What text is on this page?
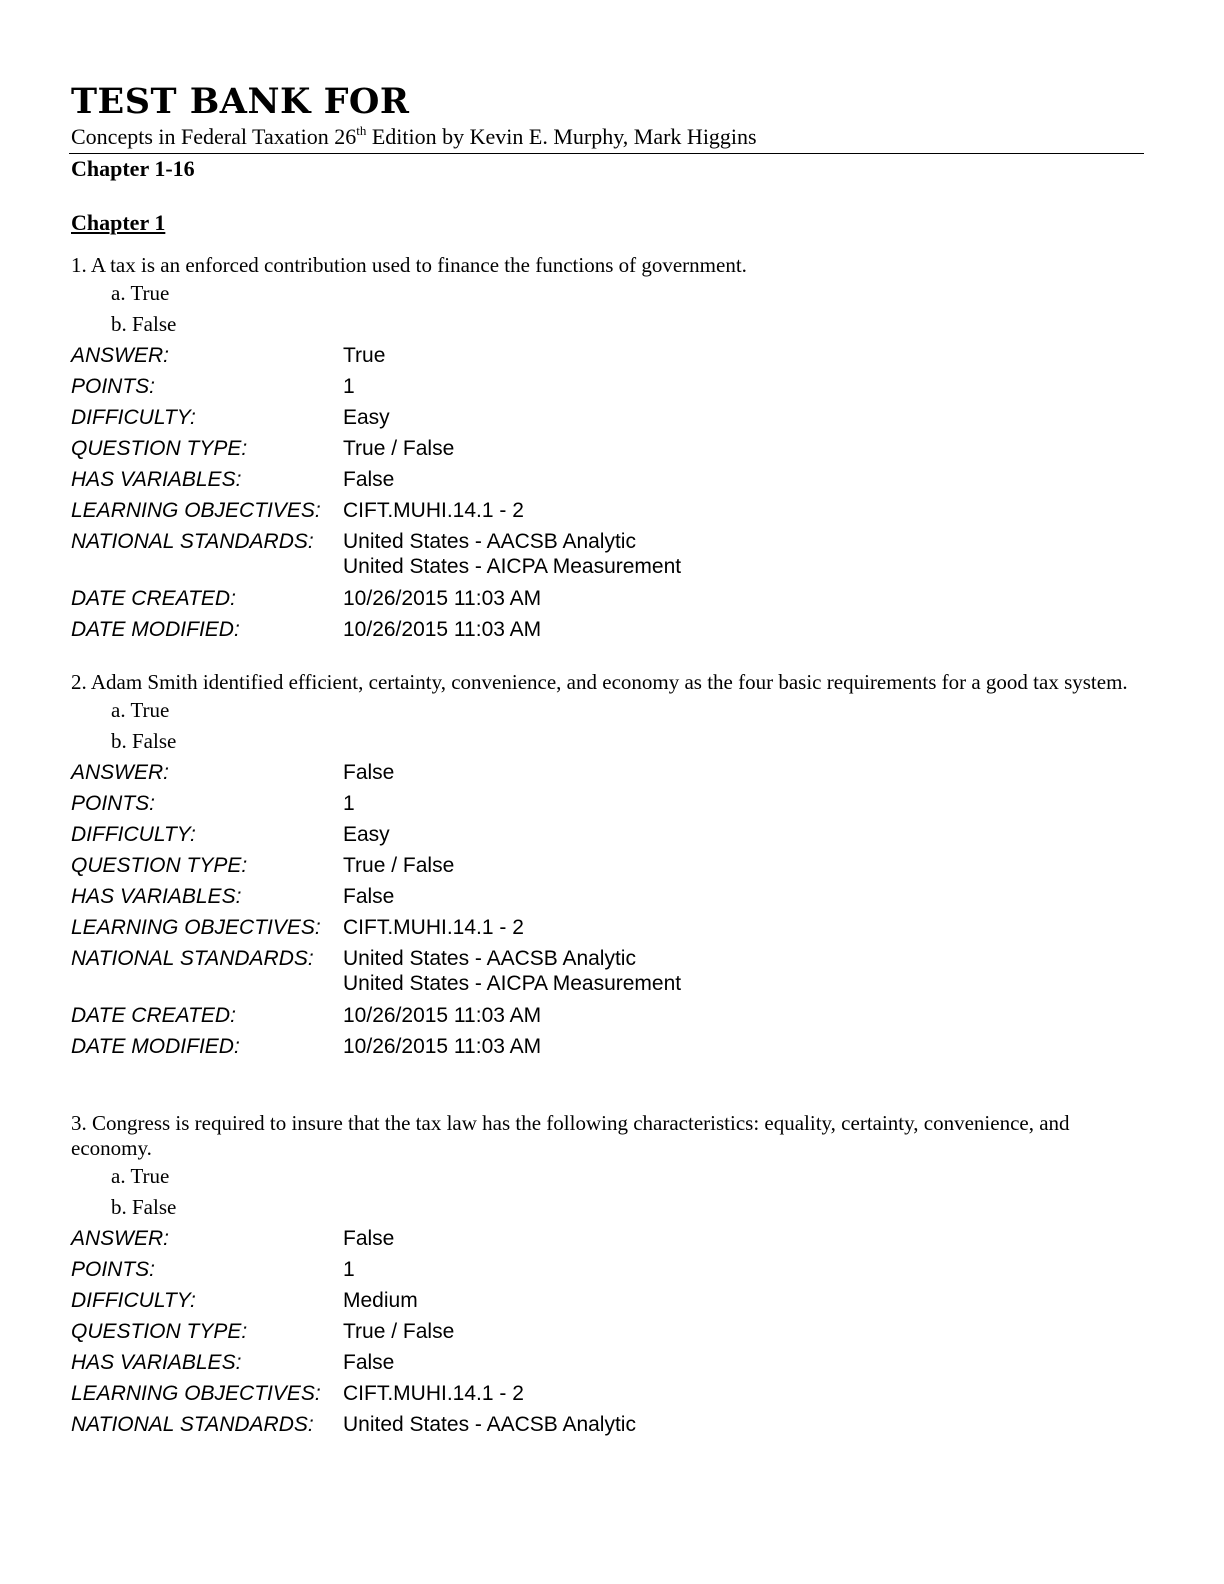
TEST BANK FOR
Concepts in Federal Taxation 26th Edition by Kevin E. Murphy, Mark Higgins
Chapter 1-16
Chapter 1

1. A tax is an enforced contribution used to finance the functions of government.

a. True
b. False
ANSWER:	True
POINTS:	1
DIFFICULTY:	Easy
QUESTION TYPE:	True / False
HAS VARIABLES:	False
LEARNING OBJECTIVES:	CIFT.MUHI.14.1 - 2
NATIONAL STANDARDS:	United States - AACSB Analytic
United States - AICPA Measurement
DATE CREATED:	10/26/2015 11:03 AM
DATE MODIFIED:	10/26/2015 11:03 AM

2. Adam Smith identified efficient, certainty, convenience, and economy as the four basic requirements for a good tax system.

a. True
b. False
ANSWER:	False
POINTS:	1
DIFFICULTY:	Easy
QUESTION TYPE:	True / False
HAS VARIABLES:	False
LEARNING OBJECTIVES:	CIFT.MUHI.14.1 - 2
NATIONAL STANDARDS:	United States - AACSB Analytic
United States - AICPA Measurement
DATE CREATED:	10/26/2015 11:03 AM
DATE MODIFIED:	10/26/2015 11:03 AM

3. Congress is required to insure that the tax law has the following characteristics: equality, certainty, convenience, and economy.

a. True
b. False
ANSWER:	False
POINTS:	1
DIFFICULTY:	Medium
QUESTION TYPE:	True / False
HAS VARIABLES:	False
LEARNING OBJECTIVES:	CIFT.MUHI.14.1 - 2
NATIONAL STANDARDS:	United States - AACSB Analytic
